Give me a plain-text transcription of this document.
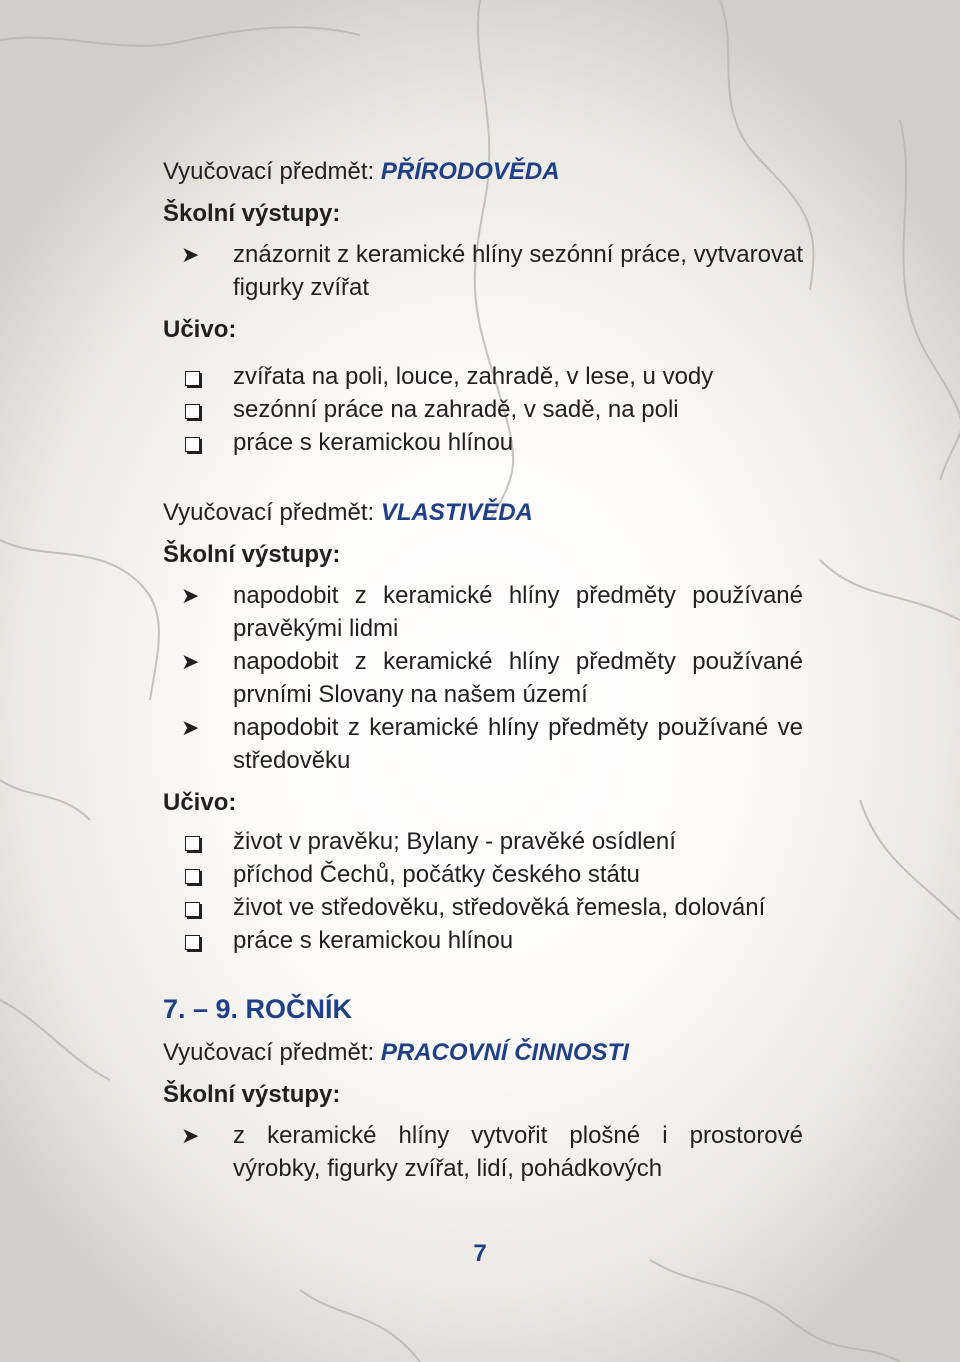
Vyučovací předmět: PŘÍRODOVĚDA
Školní výstupy:
➤ znázornit z keramické hlíny sezónní práce, vytvarovat figurky zvířat
Učivo:
zvířata na poli, louce, zahradě, v lese, u vody
sezónní práce na zahradě, v sadě, na poli
práce s keramickou hlínou
Vyučovací předmět: VLASTIVĚDA
Školní výstupy:
➤ napodobit z keramické hlíny předměty používané pravěkými lidmi
➤ napodobit z keramické hlíny předměty používané prvními Slovany na našem území
➤ napodobit z keramické hlíny předměty používané ve středověku
Učivo:
život v pravěku; Bylany - pravěké osídlení
příchod Čechů, počátky českého státu
život ve středověku, středověká řemesla, dolování
práce s keramickou hlínou
7. – 9. ROČNÍK
Vyučovací předmět: PRACOVNÍ ČINNOSTI
Školní výstupy:
➤ z keramické hlíny vytvořit plošné i prostorové výrobky, figurky zvířat, lidí, pohádkových
7
